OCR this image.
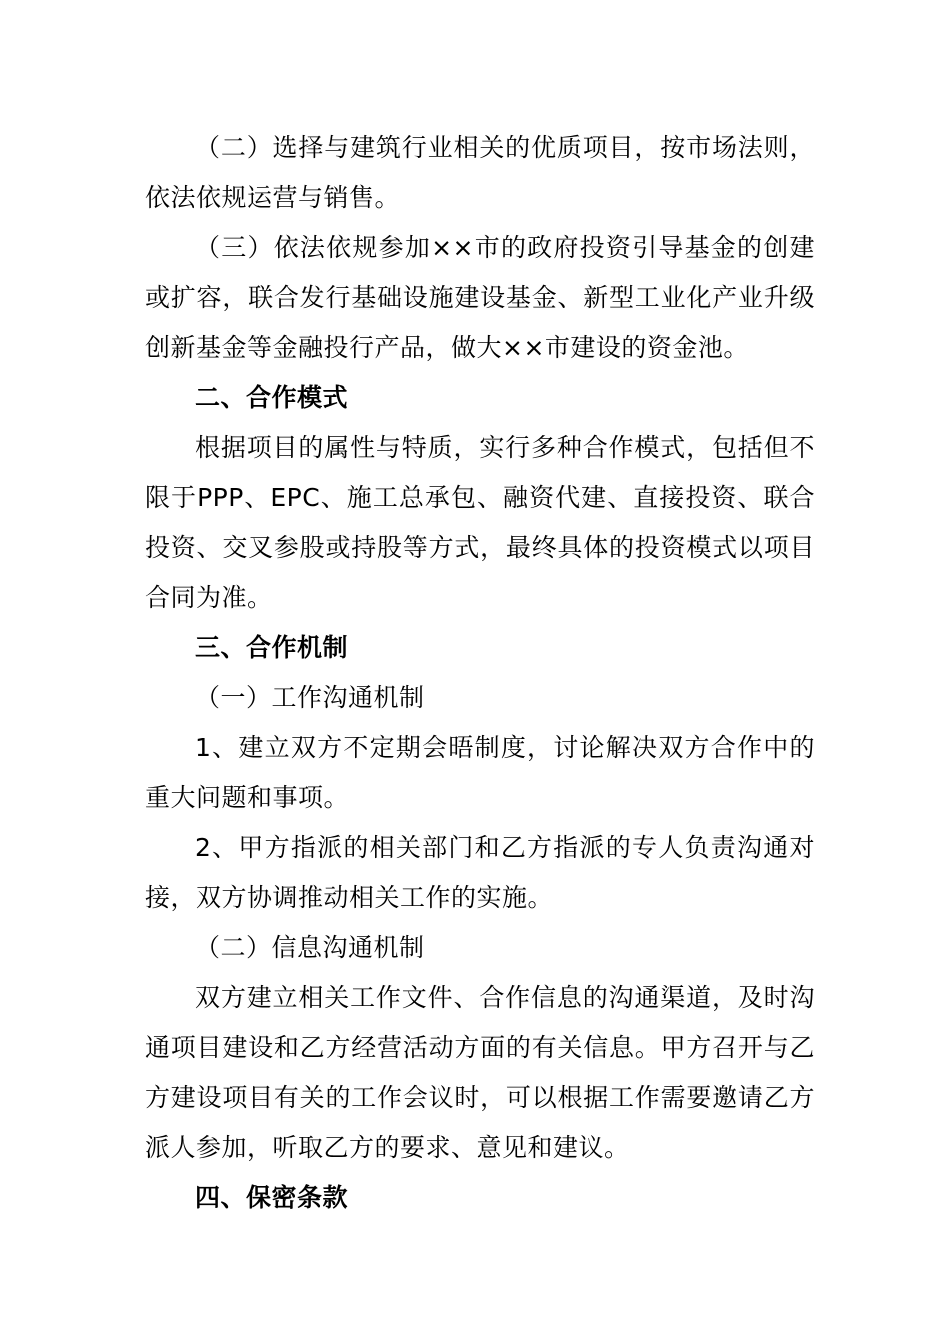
（二）选择与建筑行业相关的优质项目，按市场法则，依法依规运营与销售。

（三）依法依规参加××市的政府投资引导基金的创建或扩容，联合发行基础设施建设基金、新型工业化产业升级创新基金等金融投行产品，做大××市建设的资金池。

二、合作模式

根据项目的属性与特质，实行多种合作模式，包括但不限于PPP、EPC、施工总承包、融资代建、直接投资、联合投资、交叉参股或持股等方式，最终具体的投资模式以项目合同为准。

三、合作机制

（一）工作沟通机制

1、建立双方不定期会晤制度，讨论解决双方合作中的重大问题和事项。

2、甲方指派的相关部门和乙方指派的专人负责沟通对接，双方协调推动相关工作的实施。

（二）信息沟通机制

双方建立相关工作文件、合作信息的沟通渠道，及时沟通项目建设和乙方经营活动方面的有关信息。甲方召开与乙方建设项目有关的工作会议时，可以根据工作需要邀请乙方派人参加，听取乙方的要求、意见和建议。

四、保密条款
